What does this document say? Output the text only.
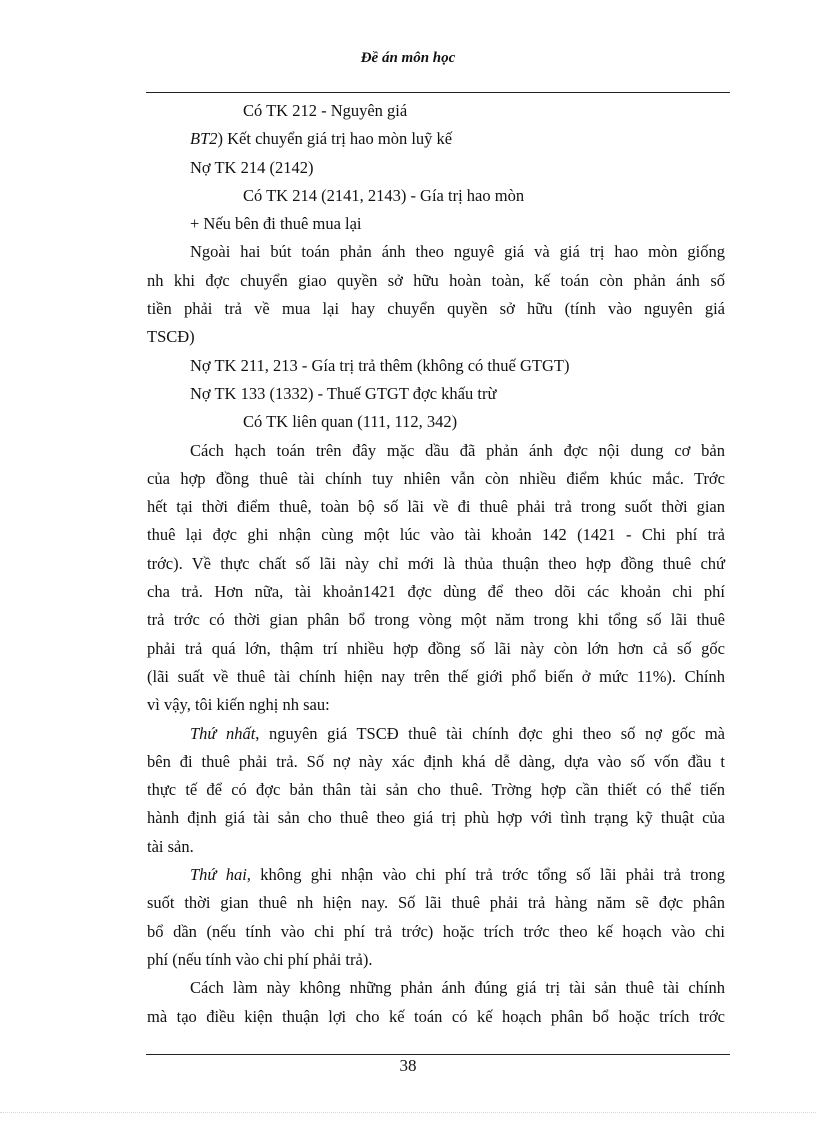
Đề án môn học
Có TK 212 - Nguyên giá
BT2) Kết chuyển giá trị hao mòn luỹ kế
Nợ TK 214 (2142)
Có TK 214 (2141, 2143) - Gía trị hao mòn
+ Nếu bên đi thuê mua lại
Ngoài hai bút toán phản ánh theo nguyê giá và giá trị hao mòn giống
nh khi đợc chuyển giao quyền sở hữu hoàn toàn, kế toán còn phản ánh số
tiền phải trả về mua lại hay chuyển quyền sở hữu (tính vào nguyên giá
TSCĐ)
Nợ TK 211, 213 - Gía trị trả thêm (không có thuế GTGT)
Nợ TK 133 (1332) - Thuế GTGT đợc khấu trừ
Có TK liên quan (111, 112, 342)
Cách hạch toán trên đây mặc dầu đã phản ánh đợc nội dung cơ bản
của hợp đồng thuê tài chính tuy nhiên vẫn còn nhiều điểm khúc mắc. Trớc
hết tại thời điểm thuê, toàn bộ số lãi về đi thuê phải trả trong suốt thời gian
thuê lại đợc ghi nhận cùng một lúc vào tài khoản 142 (1421 - Chi phí trả
trớc). Về thực chất số lãi này chỉ mới là thủa thuận theo hợp đồng thuê chứ
cha trả. Hơn nữa, tài khoản1421 đợc dùng để theo dõi các khoản chi phí
trả trớc có thời gian phân bổ trong vòng một năm trong khi tổng số lãi thuê
phải trả quá lớn, thậm trí nhiều hợp đồng số lãi này còn lớn hơn cả số gốc
(lãi suất về thuê tài chính hiện nay trên thế giới phổ biến ở mức 11%). Chính
vì vậy, tôi kiến nghị nh sau:
Thứ nhất, nguyên giá TSCĐ thuê tài chính đợc ghi theo số nợ gốc mà
bên đi thuê phải trả. Số nợ này xác định khá dễ dàng, dựa vào số vốn đầu t
thực tế để có đợc bản thân tài sản cho thuê. Trờng hợp cần thiết có thể tiến
hành định giá tài sản cho thuê theo giá trị phù hợp với tình trạng kỹ thuật của
tài sản.
Thứ hai, không ghi nhận vào chi phí trả trớc tổng số lãi phải trả trong
suốt thời gian thuê nh hiện nay. Số lãi thuê phải trả hàng năm sẽ đợc phân
bổ dần (nếu tính vào chi phí trả trớc) hoặc trích trớc theo kế hoạch vào chi
phí (nếu tính vào chi phí phải trả).
Cách làm này không những phản ánh đúng giá trị tài sản thuê tài chính
mà tạo điều kiện thuận lợi cho kế toán có kế hoạch phân bổ hoặc trích trớc
38
